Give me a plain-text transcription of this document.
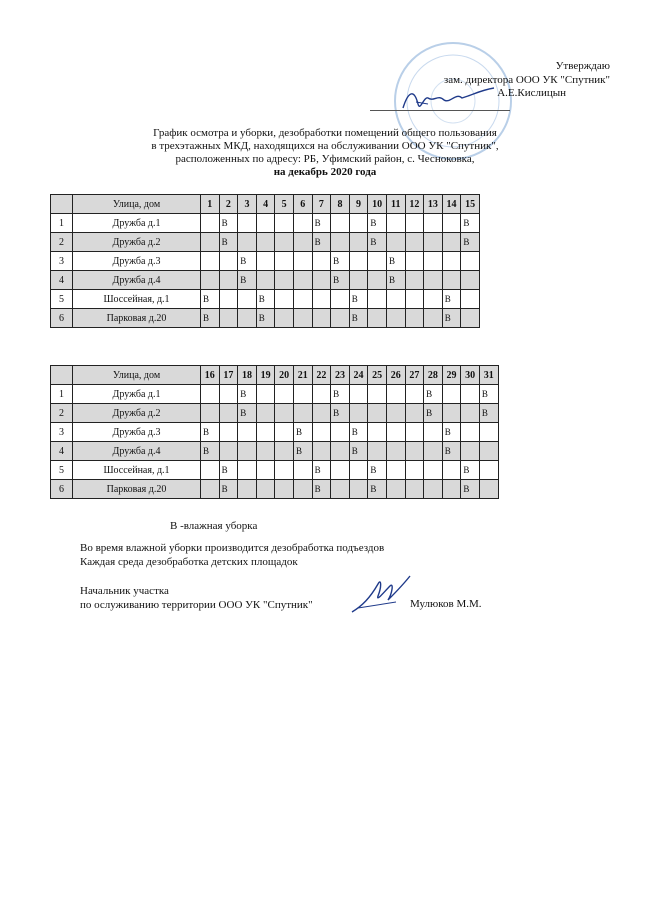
Утверждаю
зам. директора ООО УК "Спутник"
А.Е.Кислицын
График осмотра и уборки, дезобработки помещений общего пользования
в трехэтажных МКД, находящихся на обслуживании ООО УК "Спутник",
расположенных по адресу: РБ, Уфимский район, с. Чесноковка,
на декабрь 2020 года
	Улица, дом	1	2	3	4	5	6	7	8	9	10	11	12	13	14	15
1	Дружба д.1		В					В			В					В
2	Дружба д.2		В					В			В					В
3	Дружба д.3			В					В			В				
4	Дружба д.4			В					В			В				
5	Шоссейная, д.1	В			В					В					В	
6	Парковая д.20	В			В					В					В	
	Улица, дом	16	17	18	19	20	21	22	23	24	25	26	27	28	29	30	31
1	Дружба д.1			В					В					В			В
2	Дружба д.2			В					В					В			В
3	Дружба д.3	В					В			В					В		
4	Дружба д.4	В					В			В					В		
5	Шоссейная, д.1		В					В			В					В	
6	Парковая д.20		В					В			В					В	
В -влажная уборка
Во время влажной уборки производится дезобработка подъездов
Каждая среда дезобработка детских площадок
Начальник участка
по ослуживанию территории ООО УК "Спутник"	Мулюков М.М.
